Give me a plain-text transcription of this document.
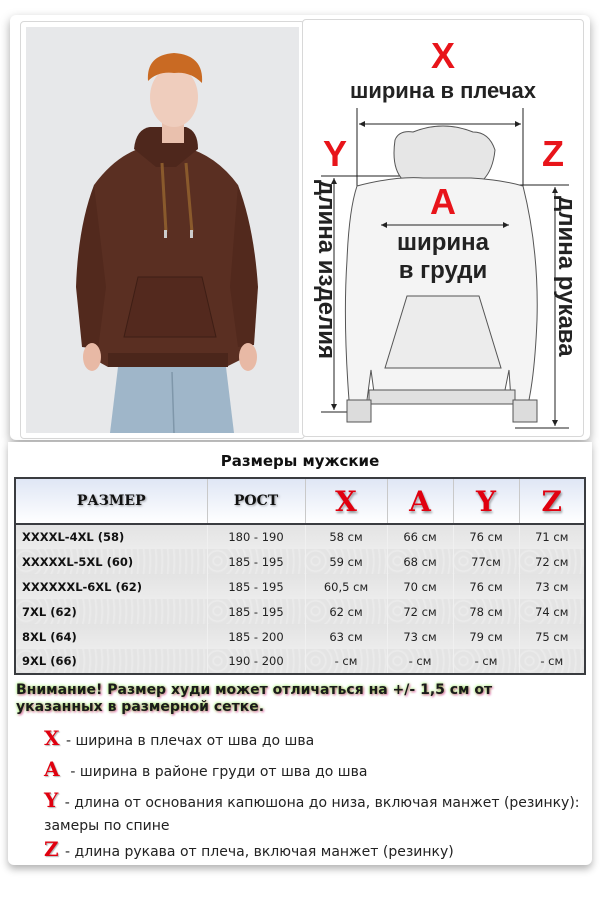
X
ширина в плечах
Y
длина изделия
Z
длина рукава
A
ширина
в груди
Размеры мужские
РАЗМЕР	РОСТ	X	A	Y	Z
XXXXL-4XL (58)	180 - 190	58 см	66 см	76 см	71 см
XXXXXL-5XL (60)	185 - 195	59 см	68 см	77см	72 см
XXXXXXL-6XL (62)	185 - 195	60,5 см	70 см	76 см	73 см
7XL (62)	185 - 195	62 см	72 см	78 см	74 см
8XL (64)	185 - 200	63 см	73 см	79 см	75 см
9XL (66)	190 - 200	- см	- см	- см	- см
Внимание! Размер худи может отличаться на +/- 1,5 см от указанных в размерной сетке.
X - ширина в плечах от шва до шва
A  - ширина в районе груди от шва до шва
Y - длина от основания капюшона до низа, включая манжет (резинку): замеры по спине
Z - длина рукава от плеча, включая манжет (резинку)
